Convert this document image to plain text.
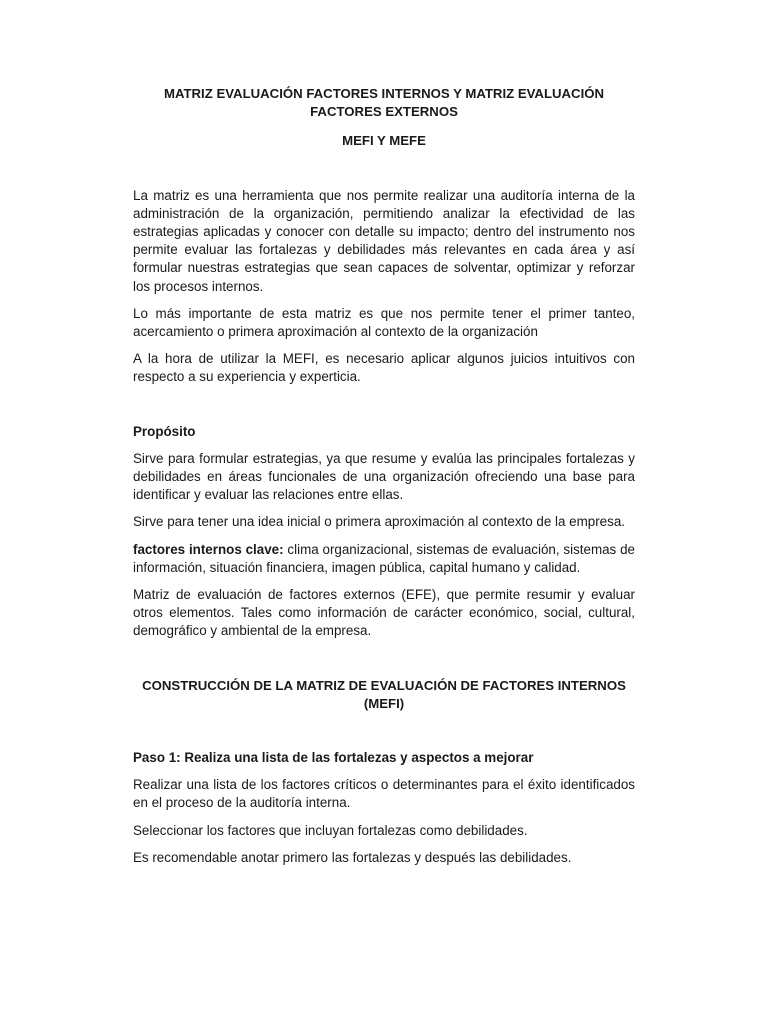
MATRIZ EVALUACIÓN FACTORES INTERNOS Y MATRIZ EVALUACIÓN FACTORES EXTERNOS
MEFI Y MEFE

La matriz es una herramienta que nos permite realizar una auditoría interna de la administración de la organización, permitiendo analizar la efectividad de las estrategias aplicadas y conocer con detalle su impacto; dentro del instrumento nos permite evaluar las fortalezas y debilidades más relevantes en cada área y así formular nuestras estrategias que sean capaces de solventar, optimizar y reforzar los procesos internos.

Lo más importante de esta matriz es que nos permite tener el primer tanteo, acercamiento o primera aproximación al contexto de la organización

A la hora de utilizar la MEFI, es necesario aplicar algunos juicios intuitivos con respecto a su experiencia y experticia.

Propósito

Sirve para formular estrategias, ya que resume y evalúa las principales fortalezas y debilidades en áreas funcionales de una organización ofreciendo una base para identificar y evaluar las relaciones entre ellas.

Sirve para tener una idea inicial o primera aproximación al contexto de la empresa.

factores internos clave: clima organizacional, sistemas de evaluación, sistemas de información, situación financiera, imagen pública, capital humano y calidad.

Matriz de evaluación de factores externos (EFE), que permite resumir y evaluar otros elementos. Tales como información de carácter económico, social, cultural, demográfico y ambiental de la empresa.

CONSTRUCCIÓN DE LA MATRIZ DE EVALUACIÓN DE FACTORES INTERNOS (MEFI)
Paso 1: Realiza una lista de las fortalezas y aspectos a mejorar

Realizar una lista de los factores críticos o determinantes para el éxito identificados en el proceso de la auditoría interna.

Seleccionar los factores que incluyan fortalezas como debilidades.

Es recomendable anotar primero las fortalezas y después las debilidades.
